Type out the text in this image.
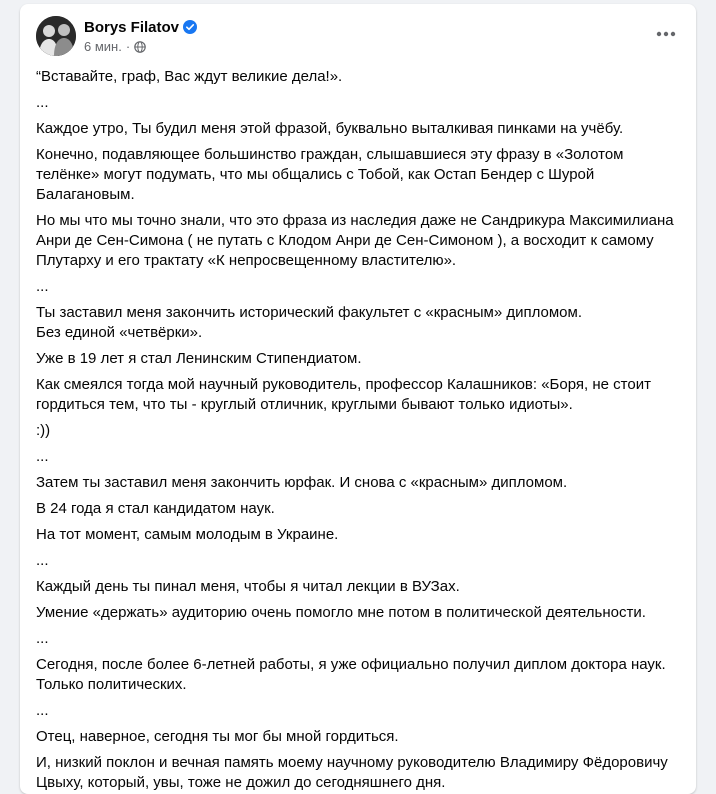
Borys Filatov
6 мин. ·

“Вставайте, граф, Вас ждут великие дела!».

...

Каждое утро, Ты будил меня этой фразой, буквально выталкивая пинками на учёбу.

Конечно, подавляющее большинство граждан, слышавшиеся эту фразу в «Золотом телёнке» могут подумать, что мы общались с Тобой, как Остап Бендер с Шурой Балагановым.

Но мы что мы точно знали, что это фраза из наследия даже не Сандрикура Максимилиана Анри де Сен-Симона ( не путать с Клодом Анри де Сен-Симоном ), а восходит к самому Плутарху и его трактату «К непросвещенному властителю».

...

Ты заставил меня закончить исторический факультет с «красным» дипломом.
Без единой «четвёрки».

Уже в 19 лет я стал Ленинским Стипендиатом.

Как смеялся тогда мой научный руководитель, профессор Калашников: «Боря, не стоит гордиться тем, что ты - круглый отличник, круглыми бывают только идиоты».

:))

...

Затем ты заставил меня закончить юрфак. И снова с «красным» дипломом.

В 24 года я стал кандидатом наук.

На тот момент, самым молодым в Украине.

...

Каждый день ты пинал меня, чтобы я читал лекции в ВУЗах.

Умение «держать» аудиторию очень помогло мне потом в политической деятельности.

...

Сегодня, после более 6-летней работы, я уже официально получил диплом доктора наук.
Только политических.

...

Отец, наверное, сегодня ты мог бы мной гордиться.

И, низкий поклон и вечная память моему научному руководителю Владимиру Фёдоровичу Цвыху, который, увы, тоже не дожил до сегодняшнего дня.
